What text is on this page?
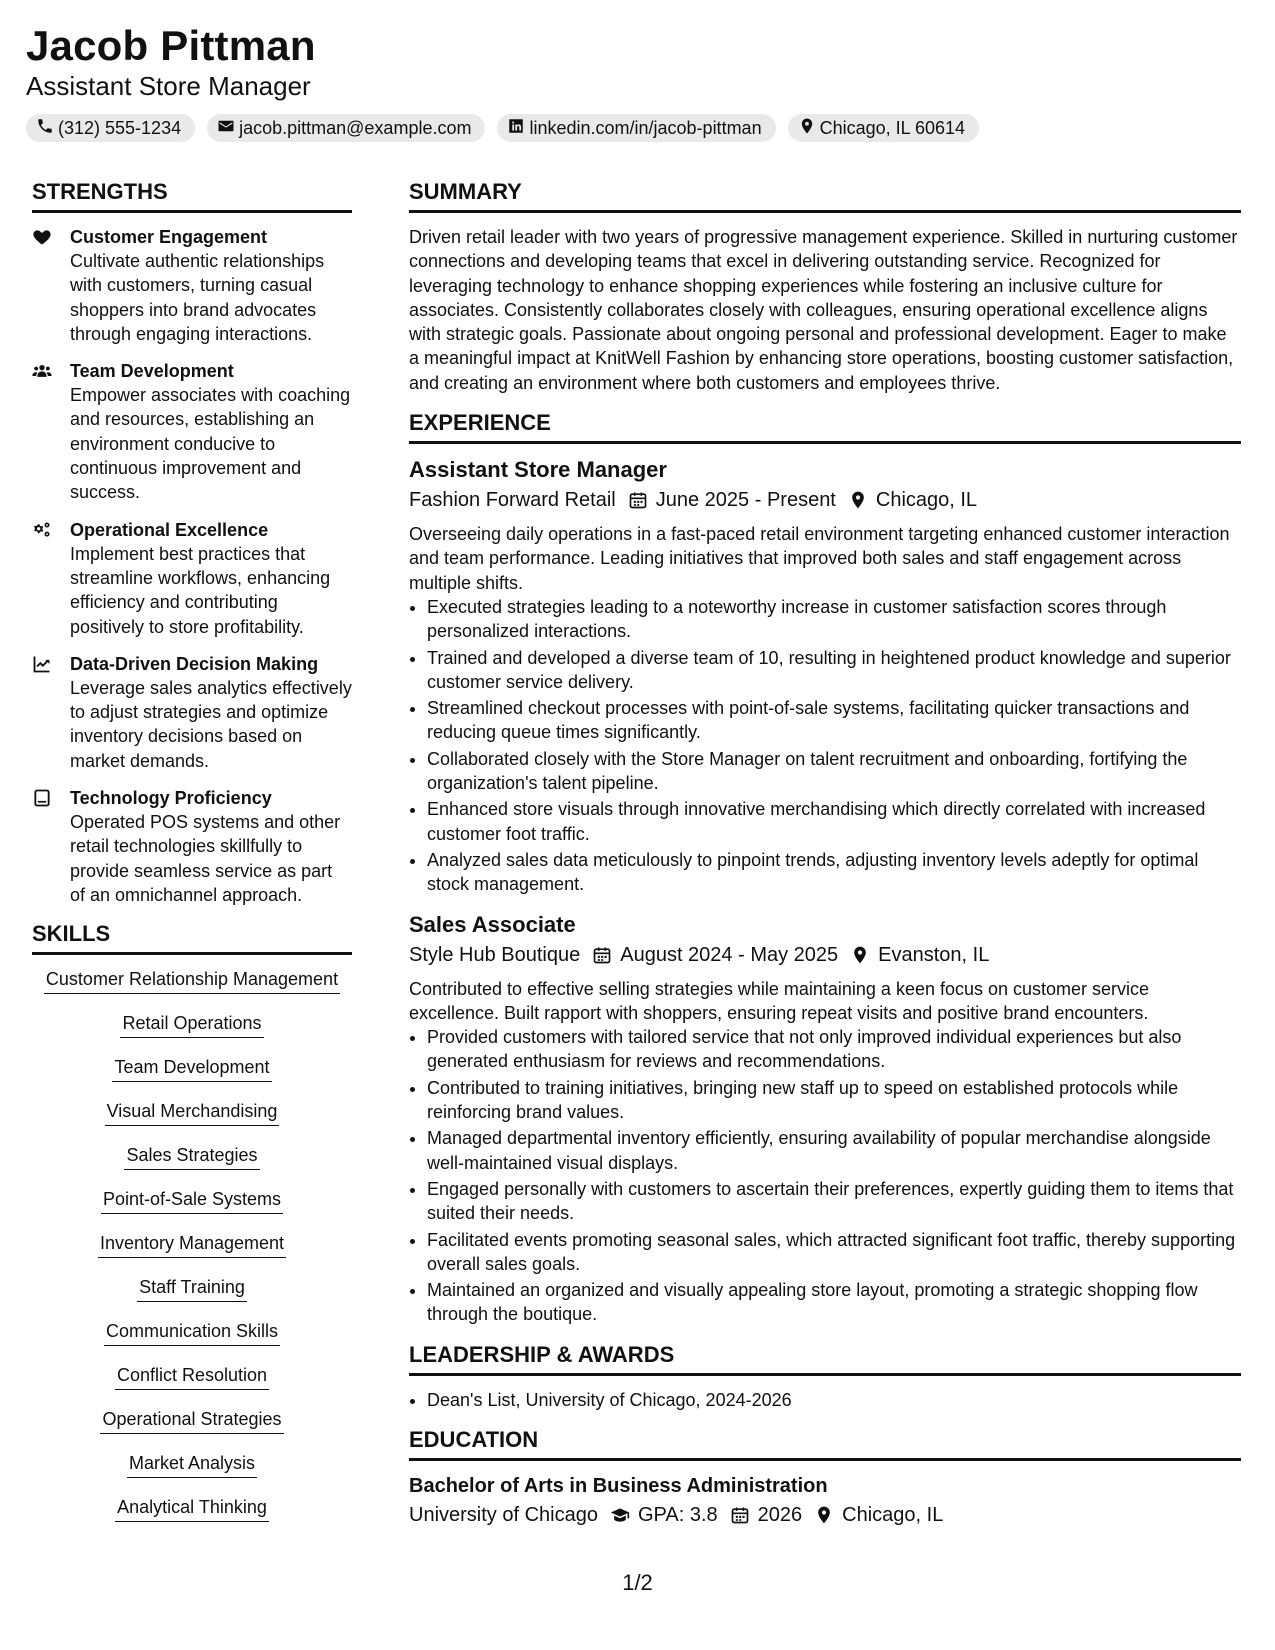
Jacob Pittman
Assistant Store Manager
(312) 555-1234	jacob.pittman@example.com	linkedin.com/in/jacob-pittman	Chicago, IL 60614
STRENGTHS
Customer Engagement
Cultivate authentic relationships with customers, turning casual shoppers into brand advocates through engaging interactions.
Team Development
Empower associates with coaching and resources, establishing an environment conducive to continuous improvement and success.
Operational Excellence
Implement best practices that streamline workflows, enhancing efficiency and contributing positively to store profitability.
Data-Driven Decision Making
Leverage sales analytics effectively to adjust strategies and optimize inventory decisions based on market demands.
Technology Proficiency
Operated POS systems and other retail technologies skillfully to provide seamless service as part of an omnichannel approach.
SKILLS
Customer Relationship Management
Retail Operations
Team Development
Visual Merchandising
Sales Strategies
Point-of-Sale Systems
Inventory Management
Staff Training
Communication Skills
Conflict Resolution
Operational Strategies
Market Analysis
Analytical Thinking
SUMMARY
Driven retail leader with two years of progressive management experience. Skilled in nurturing customer connections and developing teams that excel in delivering outstanding service. Recognized for leveraging technology to enhance shopping experiences while fostering an inclusive culture for associates. Consistently collaborates closely with colleagues, ensuring operational excellence aligns with strategic goals. Passionate about ongoing personal and professional development. Eager to make a meaningful impact at KnitWell Fashion by enhancing store operations, boosting customer satisfaction, and creating an environment where both customers and employees thrive.
EXPERIENCE
Assistant Store Manager
Fashion Forward Retail June 2025 - Present Chicago, IL
Overseeing daily operations in a fast-paced retail environment targeting enhanced customer interaction and team performance. Leading initiatives that improved both sales and staff engagement across multiple shifts.
• Executed strategies leading to a noteworthy increase in customer satisfaction scores through personalized interactions.
• Trained and developed a diverse team of 10, resulting in heightened product knowledge and superior customer service delivery.
• Streamlined checkout processes with point-of-sale systems, facilitating quicker transactions and reducing queue times significantly.
• Collaborated closely with the Store Manager on talent recruitment and onboarding, fortifying the organization's talent pipeline.
• Enhanced store visuals through innovative merchandising which directly correlated with increased customer foot traffic.
• Analyzed sales data meticulously to pinpoint trends, adjusting inventory levels adeptly for optimal stock management.
Sales Associate
Style Hub Boutique August 2024 - May 2025 Evanston, IL
Contributed to effective selling strategies while maintaining a keen focus on customer service excellence. Built rapport with shoppers, ensuring repeat visits and positive brand encounters.
• Provided customers with tailored service that not only improved individual experiences but also generated enthusiasm for reviews and recommendations.
• Contributed to training initiatives, bringing new staff up to speed on established protocols while reinforcing brand values.
• Managed departmental inventory efficiently, ensuring availability of popular merchandise alongside well-maintained visual displays.
• Engaged personally with customers to ascertain their preferences, expertly guiding them to items that suited their needs.
• Facilitated events promoting seasonal sales, which attracted significant foot traffic, thereby supporting overall sales goals.
• Maintained an organized and visually appealing store layout, promoting a strategic shopping flow through the boutique.
LEADERSHIP & AWARDS
• Dean's List, University of Chicago, 2024-2026
EDUCATION
Bachelor of Arts in Business Administration
University of Chicago GPA: 3.8 2026 Chicago, IL
1/2
